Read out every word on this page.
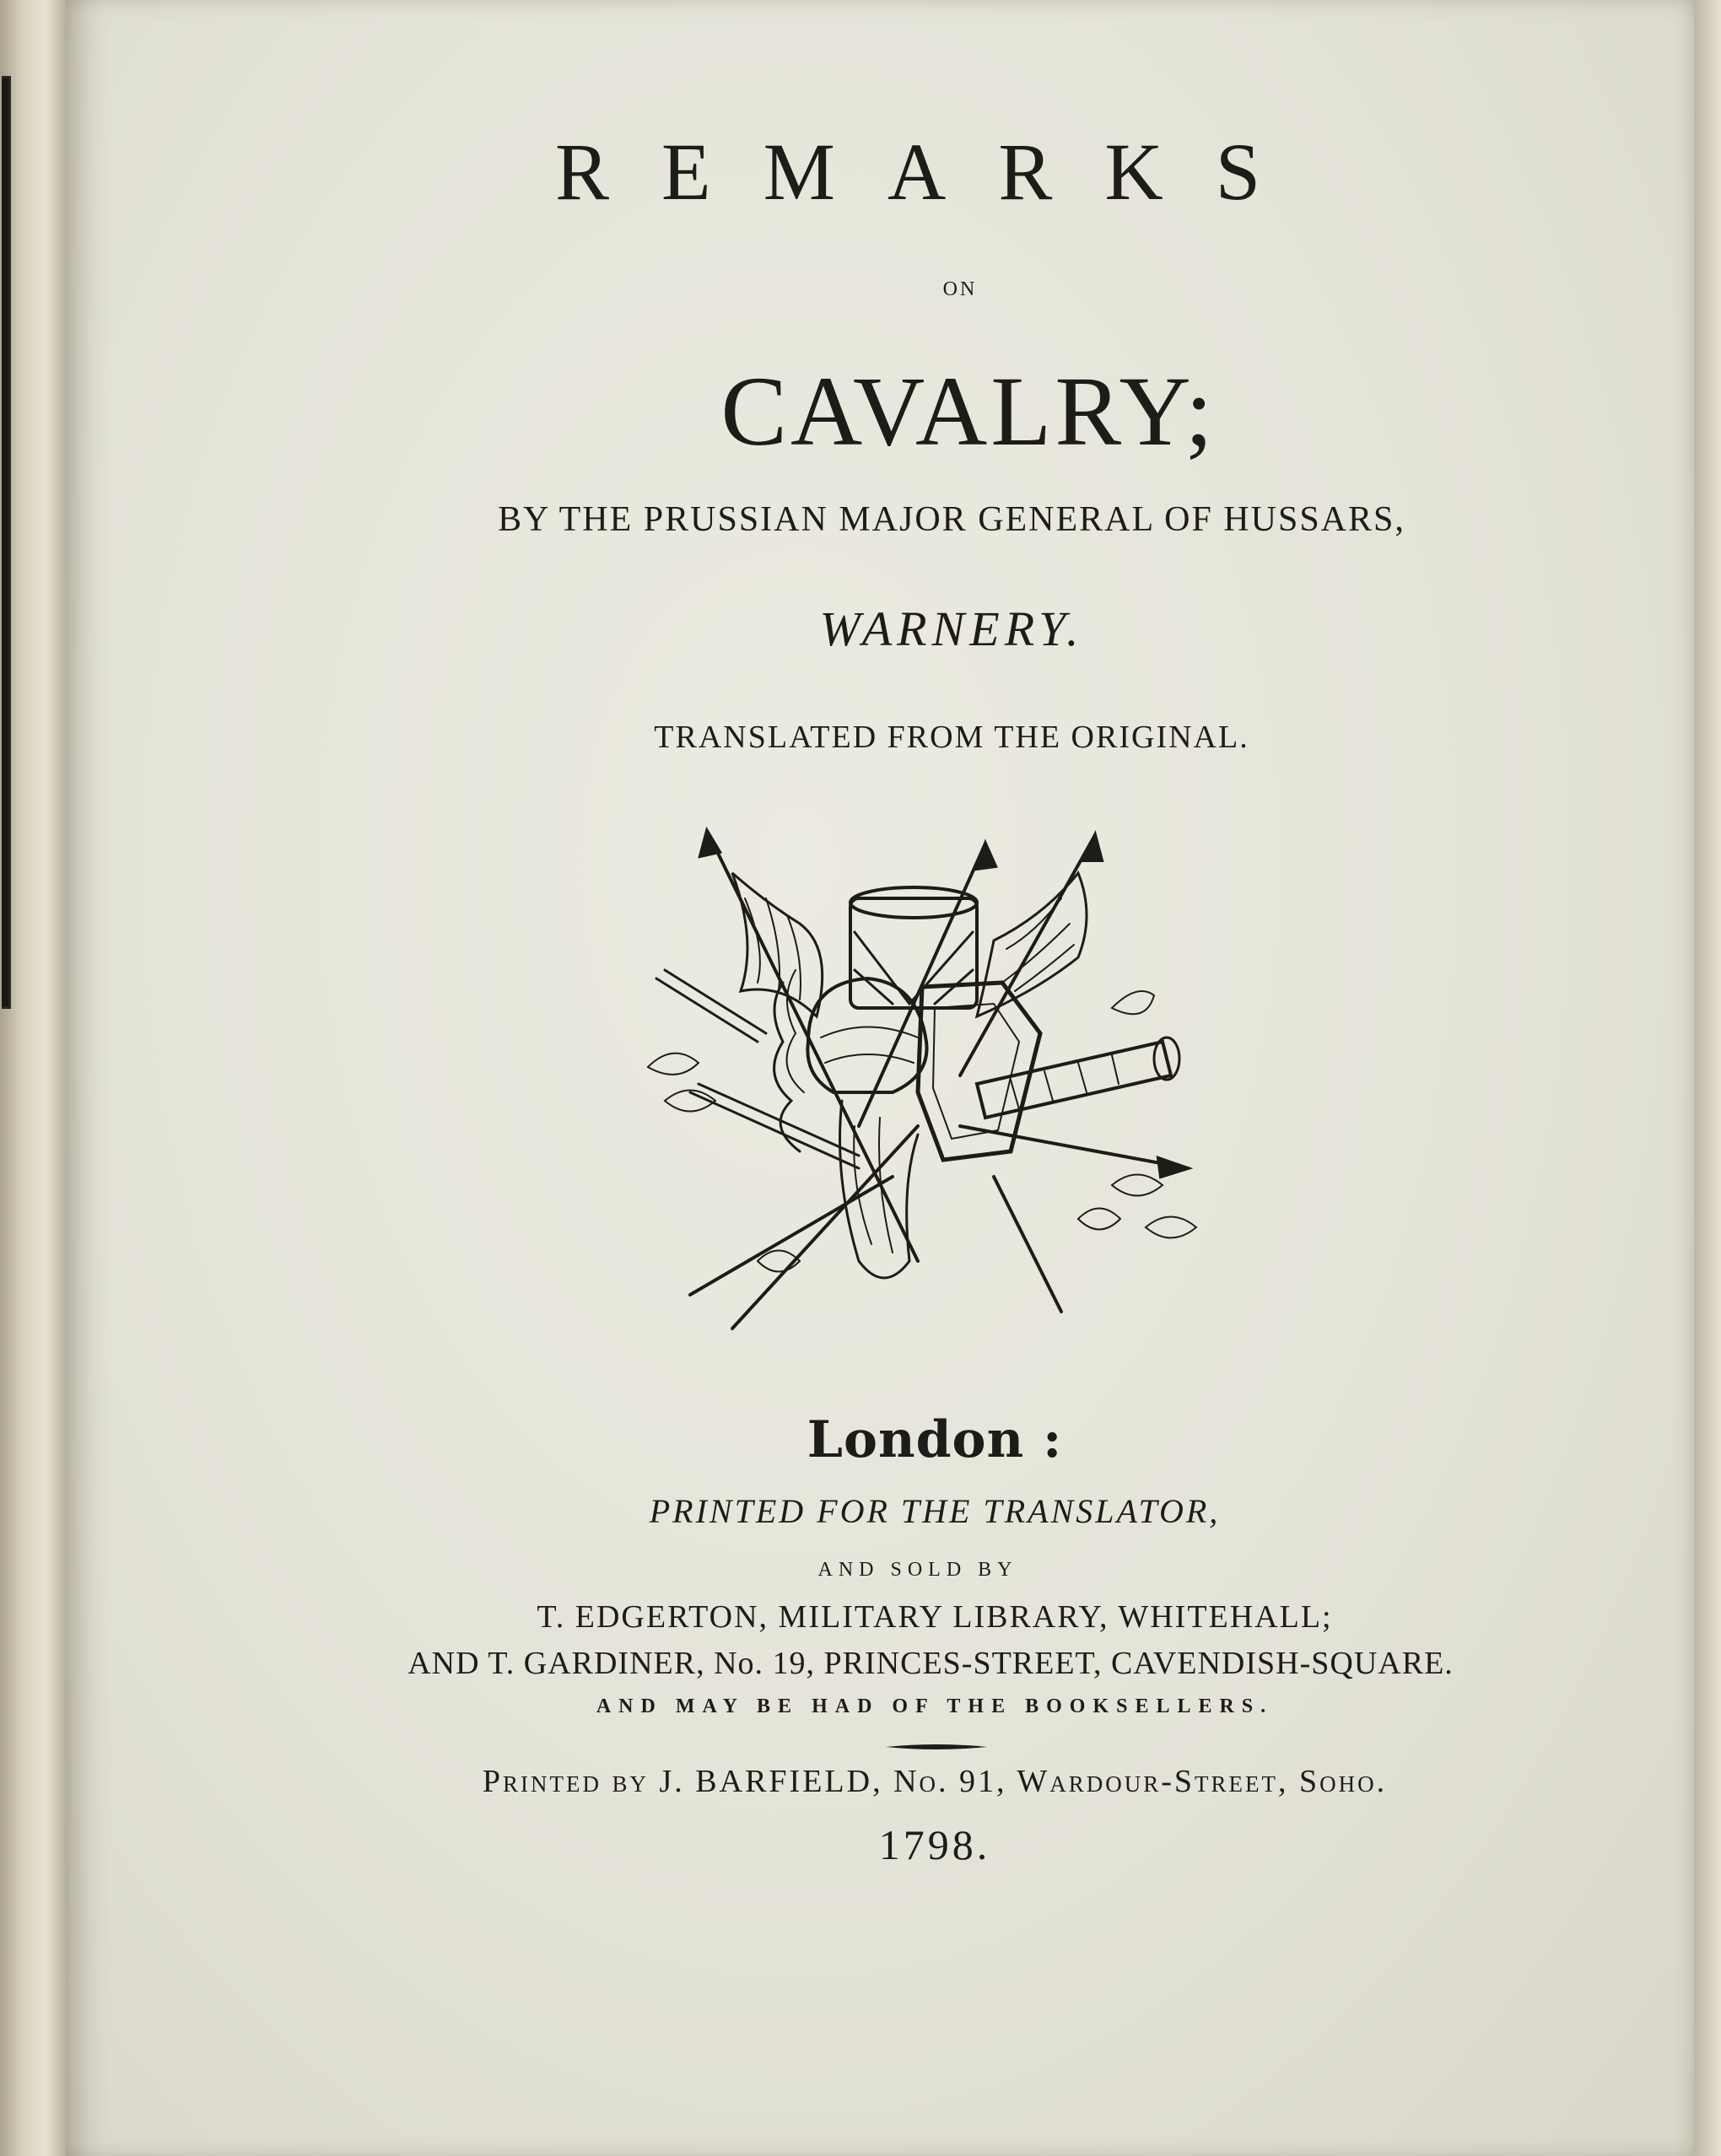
REMARKS
ON
CAVALRY;
BY THE PRUSSIAN MAJOR GENERAL OF HUSSARS,
WARNERY.
TRANSLATED FROM THE ORIGINAL.
London :
PRINTED FOR THE TRANSLATOR,
AND SOLD BY
T. EDGERTON, MILITARY LIBRARY, WHITEHALL;
AND T. GARDINER, No. 19, PRINCES-STREET, CAVENDISH-SQUARE.
AND MAY BE HAD OF THE BOOKSELLERS.
Printed by J. BARFIELD, No. 91, Wardour-Street, Soho.
1798.
